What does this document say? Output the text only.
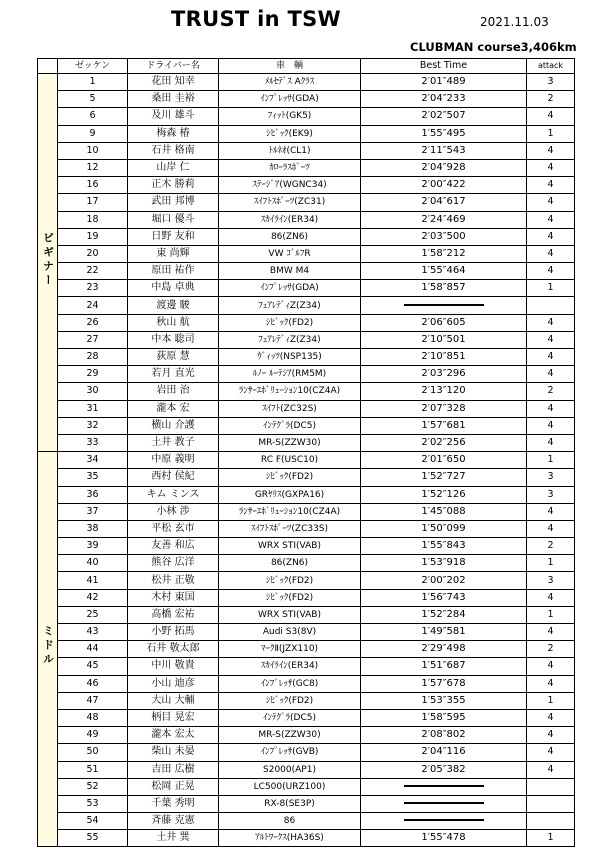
TRUST in TSW	2021.11.03
CLUBMAN course3,406km
	ゼッケン	ドライバー名	車　輌	Best Time	attack
ビギナー	1	花田 知幸	ﾒﾙｾﾃﾞｽ Aｸﾗｽ	2′01″489	3
	5	桑田 圭裕	ｲﾝﾌﾟﾚｯｻ(GDA)	2′04″233	2
	6	及川 雄斗	ﾌｨｯﾄ(GK5)	2′02″507	4
	9	梅森 椿	ｼﾋﾞｯｸ(EK9)	1′55″495	1
	10	石井 格南	ﾄﾙﾈｵ(CL1)	2′11″543	4
	12	山岸 仁	ｶﾛｰﾗｽﾎﾟｰﾂ	2′04″928	4
	16	正木 勝莉	ｽﾃｰｼﾞｱ(WGNC34)	2′00″422	4
	17	武田 邦博	ｽｲﾌﾄｽﾎﾟｰﾂ(ZC31)	2′04″617	4
	18	堀口 優斗	ｽｶｲﾗｲﾝ(ER34)	2′24″469	4
	19	日野 友和	86(ZN6)	2′03″500	4
	20	東 尚輝	VW ｺﾞﾙﾌR	1′58″212	4
	22	原田 祐作	BMW M4	1′55″464	4
	23	中島 卓典	ｲﾝﾌﾟﾚｯｻ(GDA)	1′58″857	1
	24	渡邊 駿	ﾌｪｱﾚﾃﾞｨZ(Z34)		
	26	秋山 航	ｼﾋﾞｯｸ(FD2)	2′06″605	4
	27	中本 聡司	ﾌｪｱﾚﾃﾞｨZ(Z34)	2′10″501	4
	28	荻原 慧	ｳﾞｨｯﾂ(NSP135)	2′10″851	4
	29	若月 直光	ﾙﾉｰ ﾙｰﾃｼｱ(RM5M)	2′03″296	4
	30	岩田 治	ﾗﾝｻｰｴﾎﾞﾘｭｰｼｮﾝ10(CZ4A)	2′13″120	2
	31	瀧本 宏	ｽｲﾌﾄ(ZC32S)	2′07″328	4
	32	横山 介護	ｲﾝﾃｸﾞﾗ(DC5)	1′57″681	4
	33	土井 教子	MR-S(ZZW30)	2′02″256	4
ミドル	34	中原 義明	RC F(USC10)	2′01″650	1
	35	西村 侯紀	ｼﾋﾞｯｸ(FD2)	1′52″727	3
	36	キム ミンス	GRﾔﾘｽ(GXPA16)	1′52″126	3
	37	小林 渉	ﾗﾝｻｰｴﾎﾞﾘｭｰｼｮﾝ10(CZ4A)	1′45″088	4
	38	平松 玄市	ｽｲﾌﾄｽﾎﾟｰﾂ(ZC33S)	1′50″099	4
	39	友善 和広	WRX STI(VAB)	1′55″843	2
	40	熊谷 広洋	86(ZN6)	1′53″918	1
	41	松井 正敬	ｼﾋﾞｯｸ(FD2)	2′00″202	3
	42	木村 東国	ｼﾋﾞｯｸ(FD2)	1′56″743	4
	25	高橋 宏祐	WRX STI(VAB)	1′52″284	1
	43	小野 拓馬	Audi S3(8V)	1′49″581	4
	44	石井 敬太郎	ﾏｰｸⅡ(JZX110)	2′29″498	2
	45	中川 敬貴	ｽｶｲﾗｲﾝ(ER34)	1′51″687	4
	46	小山 迪彦	ｲﾝﾌﾟﾚｯｻ(GC8)	1′57″678	4
	47	大山 大輔	ｼﾋﾞｯｸ(FD2)	1′53″355	1
	48	柄目 晃宏	ｲﾝﾃｸﾞﾗ(DC5)	1′58″595	4
	49	瀧本 宏太	MR-S(ZZW30)	2′08″802	4
	50	柴山 未晏	ｲﾝﾌﾟﾚｯｻ(GVB)	2′04″116	4
	51	吉田 広樹	S2000(AP1)	2′05″382	4
	52	松岡 正晃	LC500(URZ100)		
	53	千葉 秀明	RX-8(SE3P)		
	54	斉藤 克憲	86		
	55	土井 巽	ｱﾙﾄﾜｰｸｽ(HA36S)	1′55″478	1
